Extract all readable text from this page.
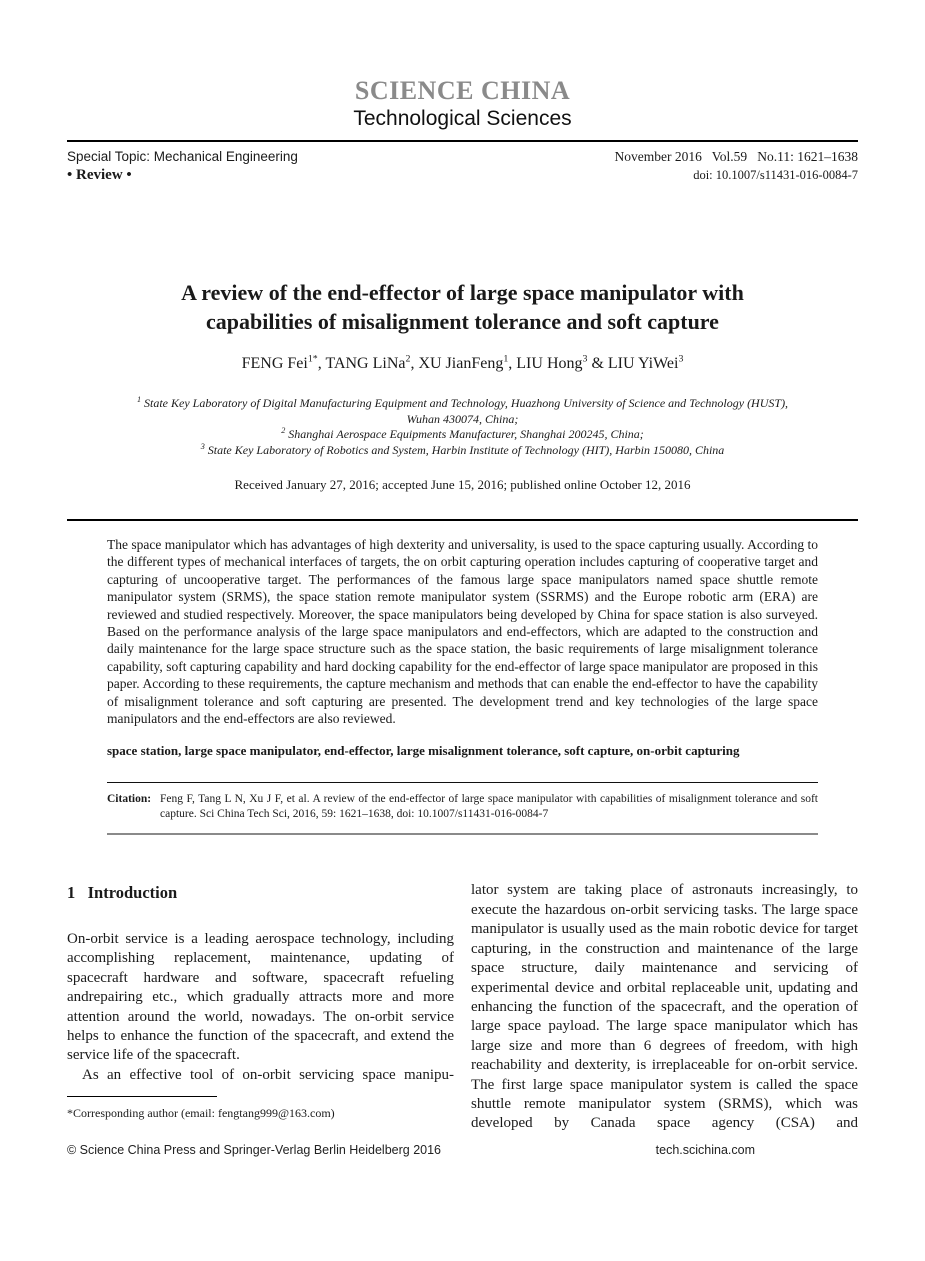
SCIENCE CHINA
Technological Sciences
Special Topic: Mechanical Engineering	November 2016   Vol.59   No.11: 1621–1638
• Review •	doi: 10.1007/s11431-016-0084-7
A review of the end-effector of large space manipulator with
capabilities of misalignment tolerance and soft capture
FENG Fei$^{1*}$, TANG LiNa$^2$, XU JianFeng$^1$, LIU Hong$^3$ & LIU YiWei$^3$
$^1$ State Key Laboratory of Digital Manufacturing Equipment and Technology, Huazhong University of Science and Technology (HUST),
Wuhan 430074, China;
$^2$ Shanghai Aerospace Equipments Manufacturer, Shanghai 200245, China;
$^3$ State Key Laboratory of Robotics and System, Harbin Institute of Technology (HIT), Harbin 150080, China
Received January 27, 2016; accepted June 15, 2016; published online October 12, 2016

The space manipulator which has advantages of high dexterity and universality, is used to the space capturing usually. According to the different types of mechanical interfaces of targets, the on orbit capturing operation includes capturing of cooperative target and capturing of uncooperative target. The performances of the famous large space manipulators named space shuttle remote manipulator system (SRMS), the space station remote manipulator system (SSRMS) and the Europe robotic arm (ERA) are reviewed and studied respectively. Moreover, the space manipulators being developed by China for space station is also surveyed. Based on the performance analysis of the large space manipulators and end-effectors, which are adapted to the construction and daily maintenance for the large space structure such as the space station, the basic requirements of large misalignment tolerance capability, soft capturing capability and hard docking capability for the end-effector of large space manipulator are proposed in this paper. According to these requirements, the capture mechanism and methods that can enable the end-effector to have the capability of misalignment tolerance and soft capturing are presented. The development trend and key technologies of the large space manipulators and the end-effectors are also reviewed.

space station, large space manipulator, end-effector, large misalignment tolerance, soft capture, on-orbit capturing
Citation: Feng F, Tang L N, Xu J F, et al. A review of the end-effector of large space manipulator with capabilities of misalignment tolerance and soft capture. Sci China Tech Sci, 2016, 59: 1621–1638, doi: 10.1007/s11431-016-0084-7
1   Introduction

On-orbit service is a leading aerospace technology, including accomplishing replacement, maintenance, updating of spacecraft hardware and software, spacecraft refueling andrepairing etc., which gradually attracts more and more attention around the world, nowadays. The on-orbit service helps to enhance the function of the spacecraft, and extend the service life of the spacecraft.

As an effective tool of on-orbit servicing space manipu-

lator system are taking place of astronauts increasingly, to execute the hazardous on-orbit servicing tasks. The large space manipulator is usually used as the main robotic device for target capturing, in the construction and maintenance of the large space structure, daily maintenance and servicing of experimental device and orbital replaceable unit, updating and enhancing the function of the spacecraft, and the operation of large space payload. The large space manipulator which has large size and more than 6 degrees of freedom, with high reachability and dexterity, is irreplaceable for on-orbit service. The first large space manipulator system is called the space shuttle remote manipulator system (SRMS), which was developed by Canada space agency (CSA) and

*Corresponding author (email: fengtang999@163.com)
© Science China Press and Springer-Verlag Berlin Heidelberg 2016	tech.scichina.com
